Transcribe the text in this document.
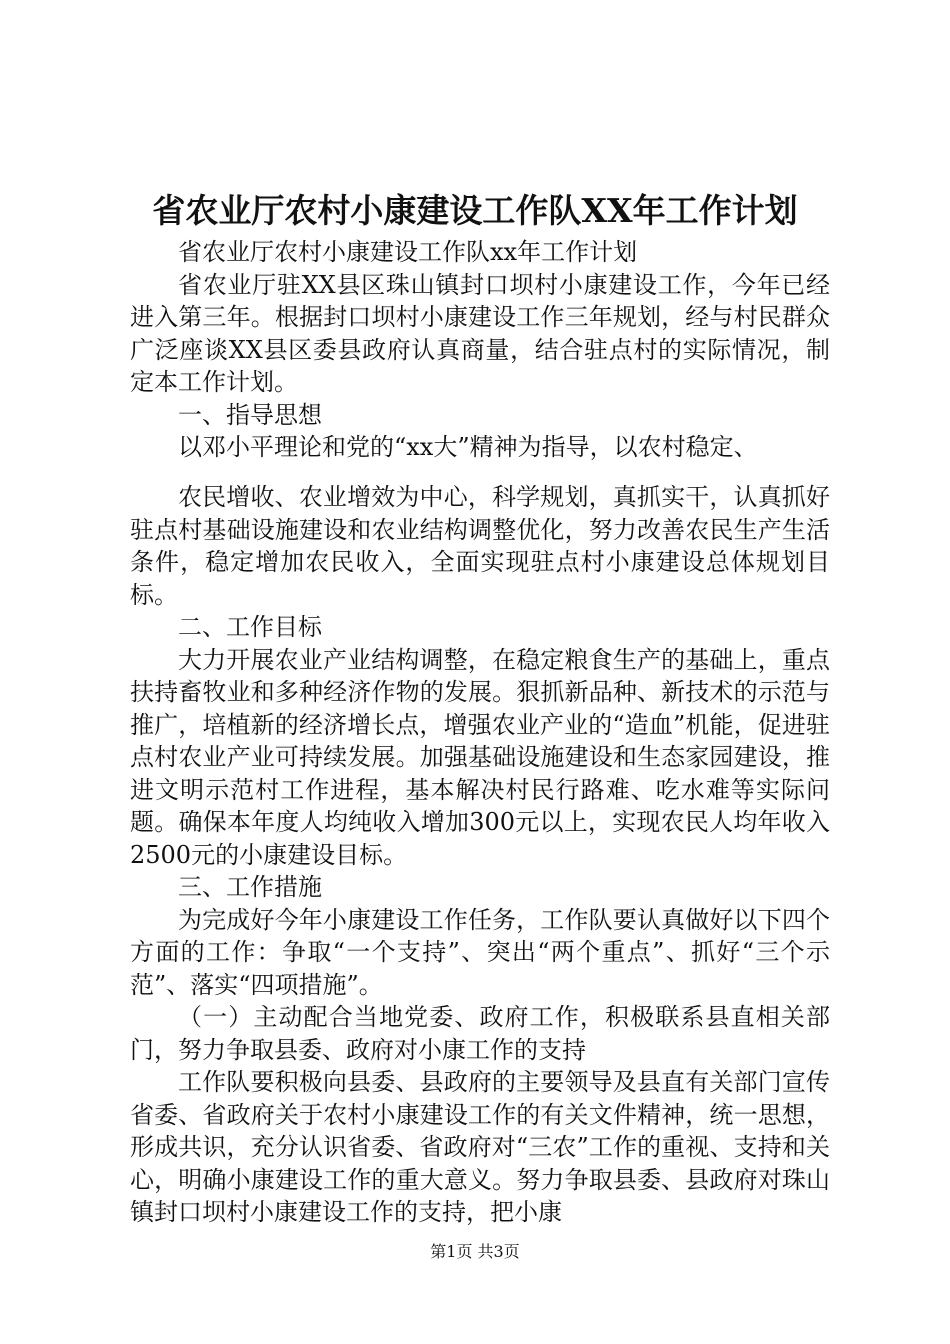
省农业厅农村小康建设工作队XX年工作计划

省农业厅农村小康建设工作队xx年工作计划

省农业厅驻XX县区珠山镇封口坝村小康建设工作，今年已经进入第三年。根据封口坝村小康建设工作三年规划，经与村民群众广泛座谈XX县区委县政府认真商量，结合驻点村的实际情况，制定本工作计划。

一、指导思想

以邓小平理论和党的“xx大”精神为指导，以农村稳定、

农民增收、农业增效为中心，科学规划，真抓实干，认真抓好驻点村基础设施建设和农业结构调整优化，努力改善农民生产生活条件，稳定增加农民收入，全面实现驻点村小康建设总体规划目标。

二、工作目标

大力开展农业产业结构调整，在稳定粮食生产的基础上，重点扶持畜牧业和多种经济作物的发展。狠抓新品种、新技术的示范与推广，培植新的经济增长点，增强农业产业的“造血”机能，促进驻点村农业产业可持续发展。加强基础设施建设和生态家园建设，推进文明示范村工作进程，基本解决村民行路难、吃水难等实际问题。确保本年度人均纯收入增加300元以上，实现农民人均年收入2500元的小康建设目标。

三、工作措施

为完成好今年小康建设工作任务，工作队要认真做好以下四个方面的工作：争取“一个支持”、突出“两个重点”、抓好“三个示范”、落实“四项措施”。

（一）主动配合当地党委、政府工作，积极联系县直相关部门，努力争取县委、政府对小康工作的支持

工作队要积极向县委、县政府的主要领导及县直有关部门宣传省委、省政府关于农村小康建设工作的有关文件精神，统一思想，形成共识，充分认识省委、省政府对“三农”工作的重视、支持和关心，明确小康建设工作的重大意义。努力争取县委、县政府对珠山镇封口坝村小康建设工作的支持，把小康

第1页 共3页
